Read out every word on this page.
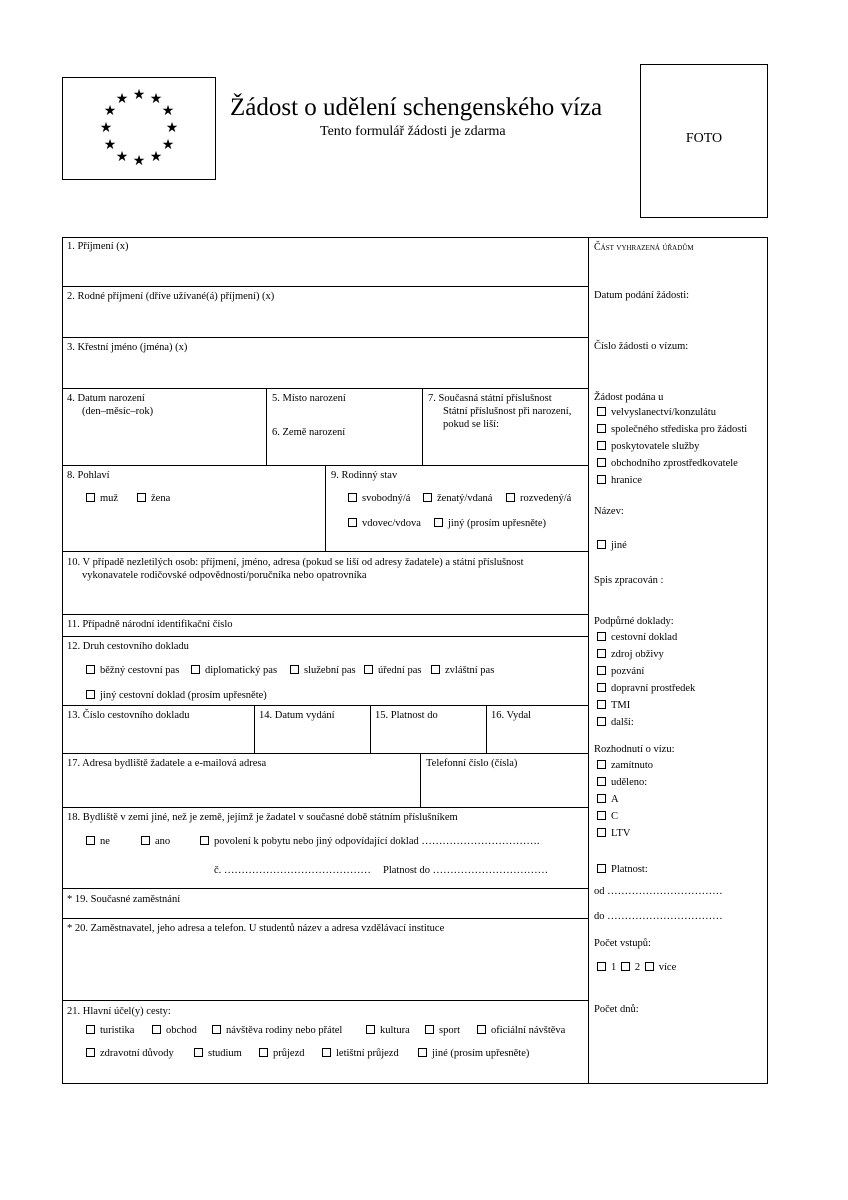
★ ★
★
★
★
★
★
★
★
★
★
★	Žádost o udělení schengenského víza
Tento formulář žádosti je zdarma	FOTO
1. Příjmení (x)
2. Rodné příjmení (dříve užívané(á) příjmení) (x)
3. Křestní jméno (jména) (x)
4. Datum narození
(den–měsíc–rok)
5. Místo narození
6. Země narození
7. Současná státní příslušnost
Státní příslušnost při narození,
pokud se liší:
8. Pohlaví
muž	žena
9. Rodinný stav
svobodný/á	ženatý/vdaná	rozvedený/á
vdovec/vdova	jiný (prosím upřesněte)
10. V případě nezletilých osob: příjmení, jméno, adresa (pokud se liší od adresy žadatele) a státní příslušnost
vykonavatele rodičovské odpovědnosti/poručníka nebo opatrovníka
11. Případně národní identifikační číslo
12. Druh cestovního dokladu
běžný cestovní pas	diplomatický pas	služební pas	úřední pas	zvláštní pas
jiný cestovní doklad (prosím upřesněte)
13. Číslo cestovního dokladu	14. Datum vydání	15. Platnost do	16. Vydal
17. Adresa bydliště žadatele a e-mailová adresa	Telefonní číslo (čísla)
18. Bydliště v zemi jiné, než je země, jejímž je žadatel v současné době státním příslušníkem
ne	ano	povolení k pobytu nebo jiný odpovídající doklad …………………………….
č. …………………………………… Platnost do ……………………………
* 19. Současné zaměstnání
* 20. Zaměstnavatel, jeho adresa a telefon. U studentů název a adresa vzdělávací instituce
21. Hlavní účel(y) cesty:
turistika	obchod	návštěva rodiny nebo přátel	kultura	sport	oficiální návštěva
zdravotní důvody	studium	průjezd	letištní průjezd	jiné (prosím upřesněte)
Část vyhrazená úřadům
Datum podání žádosti:
Číslo žádosti o vízum:
Žádost podána u
velvyslanectví/konzulátu
společného střediska pro žádosti
poskytovatele služby
obchodního zprostředkovatele
hranice
Název:
jiné
Spis zpracován :
Podpůrné doklady:
cestovní doklad
zdroj obživy
pozvání
dopravní prostředek
TMI
další:
Rozhodnutí o vízu:
zamítnuto
uděleno:
A
C
LTV
Platnost:
od ……………………………
do ……………………………
Počet vstupů:
1 2 více
Počet dnů:
